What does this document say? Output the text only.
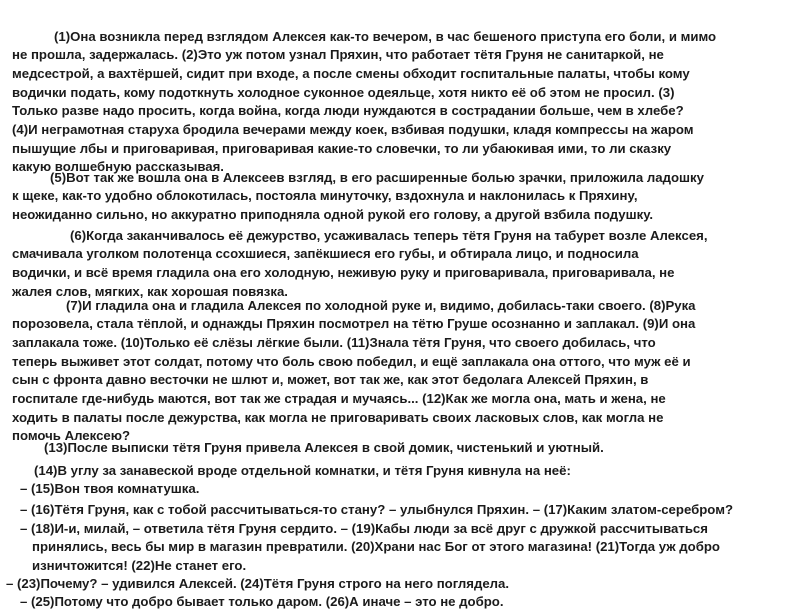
(1)Она возникла перед взглядом Алексея как-то вечером, в час бешеного приступа его боли, и мимо
не прошла, задержалась. (2)Это уж потом узнал Пряхин, что работает тётя Груня не санитаркой, не
медсестрой, а вахтёршей, сидит при входе, а после смены обходит госпитальные палаты, чтобы кому
водички подать, кому подоткнуть холодное суконное одеяльце, хотя никто её об этом не просил. (3)
Только разве надо просить, когда война, когда люди нуждаются в сострадании больше, чем в хлебе?
(4)И неграмотная старуха бродила вечерами между коек, взбивая подушки, кладя компрессы на жаром
пышущие лбы и приговаривая, приговаривая какие-то словечки, то ли убаюкивая ими, то ли сказку
какую волшебную рассказывая.

(5)Вот так же вошла она в Алексеев взгляд, в его расширенные болью зрачки, приложила ладошку
к щеке, как-то удобно облокотилась, постояла минуточку, вздохнула и наклонилась к Пряхину,
неожиданно сильно, но аккуратно приподняла одной рукой его голову, а другой взбила подушку.

(6)Когда заканчивалось её дежурство, усаживалась теперь тётя Груня на табурет возле Алексея,
смачивала уголком полотенца ссохшиеся, запёкшиеся его губы, и обтирала лицо, и подносила
водички, и всё время гладила она его холодную, неживую руку и приговаривала, приговаривала, не
жалея слов, мягких, как хорошая повязка.

(7)И гладила она и гладила Алексея по холодной руке и, видимо, добилась-таки своего. (8)Рука
порозовела, стала тёплой, и однажды Пряхин посмотрел на тётю Груше осознанно и заплакал. (9)И она
заплакала тоже. (10)Только её слёзы лёгкие были. (11)Знала тётя Груня, что своего добилась, что
теперь выживет этот солдат, потому что боль свою победил, и ещё заплакала она оттого, что муж её и
сын с фронта давно весточки не шлют и, может, вот так же, как этот бедолага Алексей Пряхин, в
госпитале где-нибудь маются, вот так же страдая и мучаясь... (12)Как же могла она, мать и жена, не
ходить в палаты после дежурства, как могла не приговаривать своих ласковых слов, как могла не
помочь Алексею?

(13)После выписки тётя Груня привела Алексея в свой домик, чистенький и уютный.

(14)В углу за занавеской вроде отдельной комнатки, и тётя Груня кивнула на неё:

– (15)Вон твоя комнатушка.

– (16)Тётя Груня, как с тобой рассчитываться-то стану? – улыбнулся Пряхин. – (17)Каким златом-серебром?

– (18)И-и, милай, – ответила тётя Груня сердито. – (19)Кабы люди за всё друг с дружкой рассчитываться
принялись, весь бы мир в магазин превратили. (20)Храни нас Бог от этого магазина! (21)Тогда уж добро
изничтожится! (22)Не станет его.

– (23)Почему? – удивился Алексей. (24)Тётя Груня строго на него поглядела.

– (25)Потому что добро бывает только даром. (26)А иначе – это не добро.
